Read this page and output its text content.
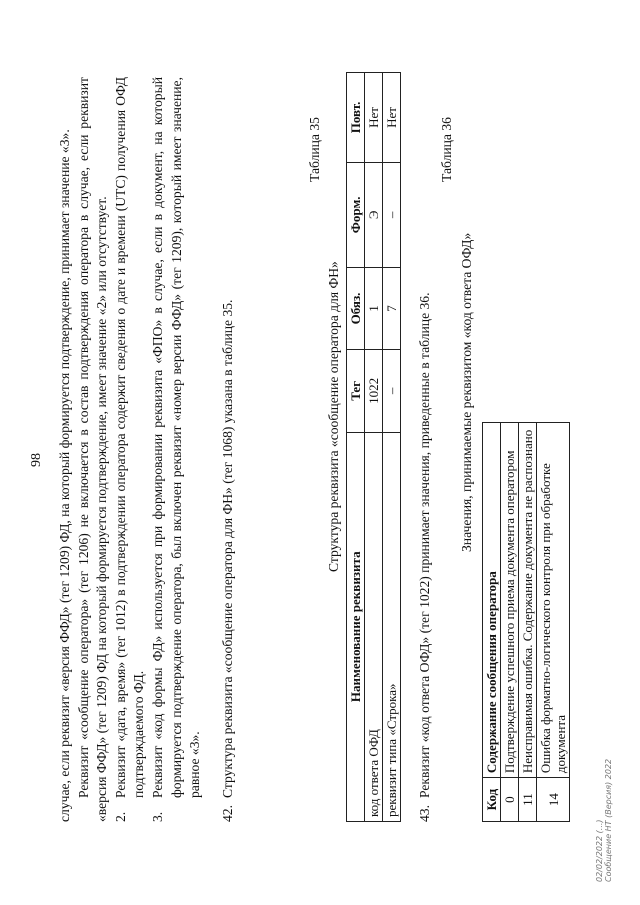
98 случае, если реквизит «версия ФФД» (тег 1209) ФД, на который формируется подтверждение, принимает значение «3». Реквизит «сообщение оператора» (тег 1206) не включается в состав подтверждения оператора в случае, если реквизит «версия ФФД» (тег 1209) ФД на который формируется подтверждение, имеет значение «2» или отсутствует. 2.
Реквизит «дата, время» (тег 1012) в подтверждении оператора содержит сведения о дате и времени (UTC) получения ОФД подтверждаемого ФД.

3.
Реквизит «код формы ФД» используется при формировании реквизита «ФПО» в случае, если в документ, на который формируется подтверждение оператора, был включен реквизит «номер версии ФФД» (тег 1209), который имеет значение, равное «3».

42.
Структура реквизита «сообщение оператора для ФН» (тег 1068) указана в таблице 35.

Таблица 35
Структура реквизита «сообщение оператора для ФН»
Наименование реквизита	Тег	Обяз.	Форм.	Повт.
код ответа ОФД	1022	1	Э	Нет
реквизит типа «Строка»	–	7	–	Нет

43.
Реквизит «код ответа ОФД» (тег 1022) принимает значения, приведенные в таблице 36.

Таблица 36
Значения, принимаемые реквизитом «код ответа ОФД»
Код	Содержание сообщения оператора
0	Подтверждение успешного приема документа оператором
11	Неисправимая ошибка. Содержание документа не распознано
14	Ошибка форматно-логического контроля при обработке документа
02/02/2022 (...) Сообщение НТ (Версия) 2022
